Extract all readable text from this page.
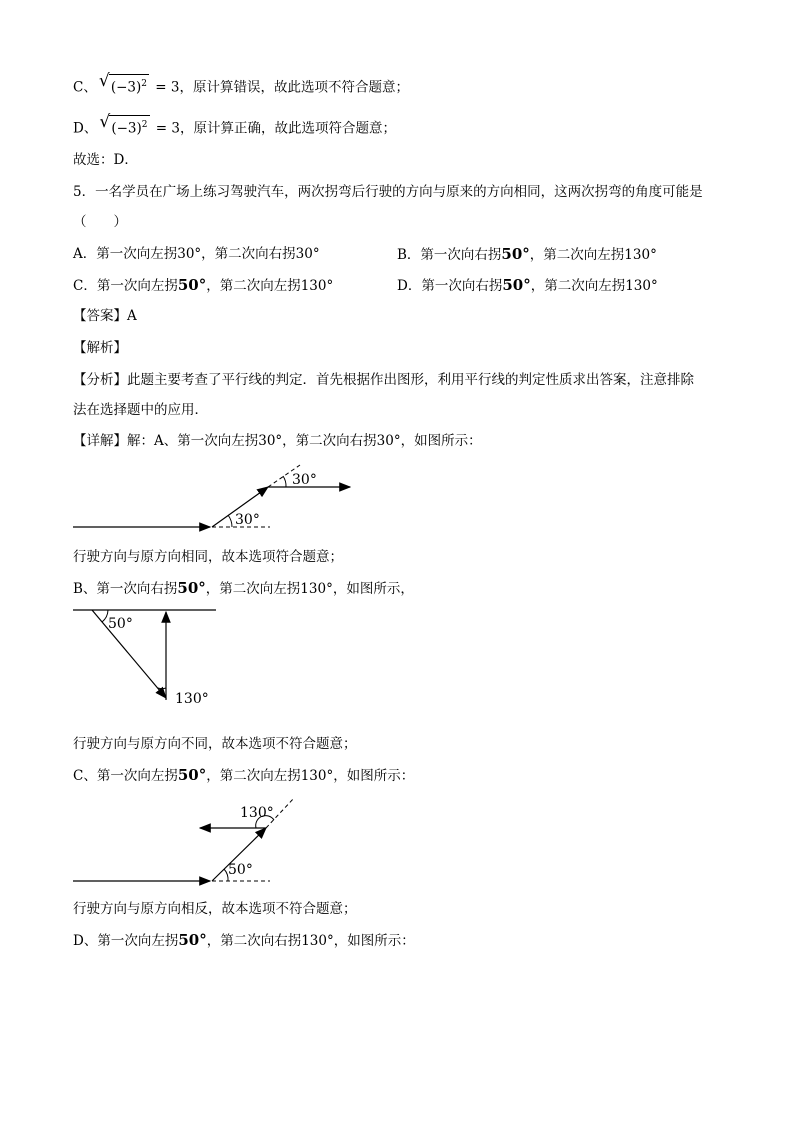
C、 √ $(-3)^2 = 3$，原计算错误，故此选项不符合题意；
D、 √ $(-3)^2 = 3$，原计算正确，故此选项符合题意；
故选：D．
5．一名学员在广场上练习驾驶汽车，两次拐弯后行驶的方向与原来的方向相同，这两次拐弯的角度可能是
（　　）
A．第一次向左拐30°，第二次向右拐30°	B．第一次向右拐50°，第二次向左拐130°
C．第一次向左拐50°，第二次向左拐130°	D．第一次向右拐50°，第二次向左拐130°
【答案】A
【解析】
【分析】此题主要考查了平行线的判定．首先根据作出图形，利用平行线的判定性质求出答案，注意排除
法在选择题中的应用．
【详解】解：A、第一次向左拐30°，第二次向右拐30°，如图所示：
30°
30°
行驶方向与原方向相同，故本选项符合题意；
B、第一次向右拐50°，第二次向左拐130°，如图所示，
50°
130°
行驶方向与原方向不同，故本选项不符合题意；
C、第一次向左拐50°，第二次向左拐130°，如图所示：
130°
50°
行驶方向与原方向相反，故本选项不符合题意；
D、第一次向左拐50°，第二次向右拐130°，如图所示：
